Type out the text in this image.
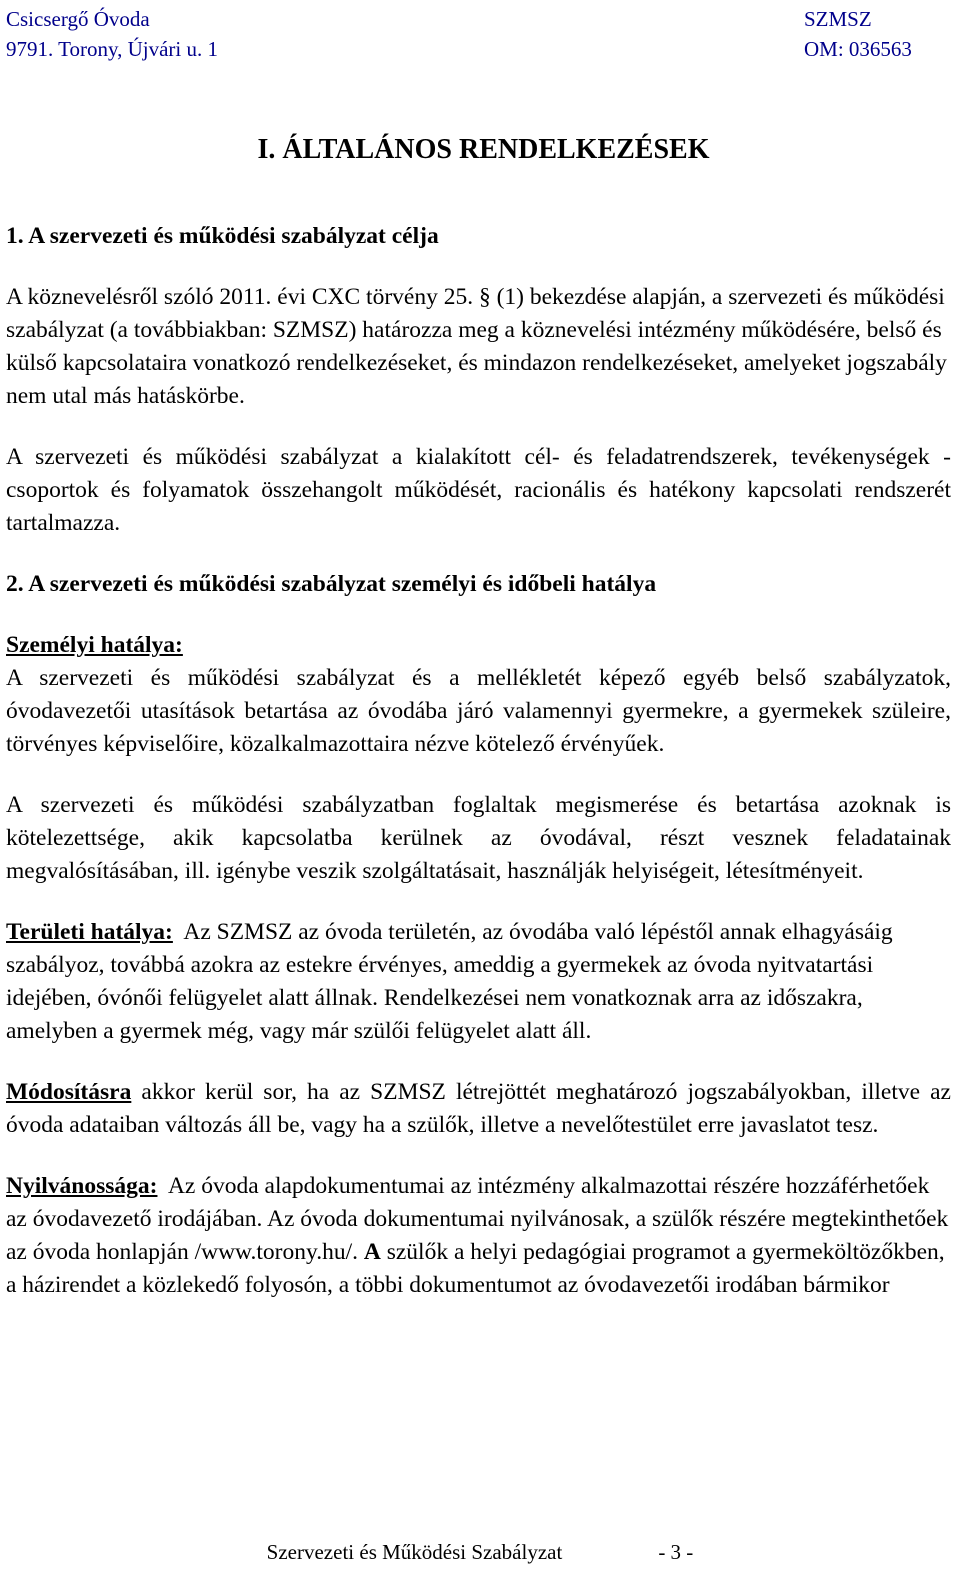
Csicsergő Óvoda	SZMSZ
9791. Torony, Újvári u. 1	OM: 036563
I. ÁLTALÁNOS RENDELKEZÉSEK
1. A szervezeti és működési szabályzat célja

A köznevelésről szóló 2011. évi CXC törvény 25. § (1) bekezdése alapján, a szervezeti és működési szabályzat (a továbbiakban: SZMSZ) határozza meg a köznevelési intézmény működésére, belső és külső kapcsolataira vonatkozó rendelkezéseket, és mindazon rendelkezéseket, amelyeket jogszabály nem utal más hatáskörbe.

A szervezeti és működési szabályzat a kialakított cél- és feladatrendszerek, tevékenységek - csoportok és folyamatok összehangolt működését, racionális és hatékony kapcsolati rendszerét tartalmazza.

2. A szervezeti és működési szabályzat személyi és időbeli hatálya
Személyi hatálya:

A szervezeti és működési szabályzat és a mellékletét képező egyéb belső szabályzatok, óvodavezetői utasítások betartása az óvodába járó valamennyi gyermekre, a gyermekek szüleire, törvényes képviselőire, közalkalmazottaira nézve kötelező érvényűek.

A szervezeti és működési szabályzatban foglaltak megismerése és betartása azoknak is kötelezettsége, akik kapcsolatba kerülnek az óvodával, részt vesznek feladatainak megvalósításában, ill. igénybe veszik szolgáltatásait, használják helyiségeit, létesítményeit.

Területi hatálya: Az SZMSZ az óvoda területén, az óvodába való lépéstől annak elhagyásáig szabályoz, továbbá azokra az estekre érvényes, ameddig a gyermekek az óvoda nyitvatartási idejében, óvónői felügyelet alatt állnak. Rendelkezései nem vonatkoznak arra az időszakra, amelyben a gyermek még, vagy már szülői felügyelet alatt áll.

Módosításra akkor kerül sor, ha az SZMSZ létrejöttét meghatározó jogszabályokban, illetve az óvoda adataiban változás áll be, vagy ha a szülők, illetve a nevelőtestület erre javaslatot tesz.

Nyilvánossága: Az óvoda alapdokumentumai az intézmény alkalmazottai részére hozzáférhetőek az óvodavezető irodájában. Az óvoda dokumentumai nyilvánosak, a szülők részére megtekinthetőek az óvoda honlapján /www.torony.hu/. A szülők a helyi pedagógiai programot a gyermeköltözőkben, a házirendet a közlekedő folyosón, a többi dokumentumot az óvodavezetői irodában bármikor

Szervezeti és Működési Szabályzat	- 3 -
